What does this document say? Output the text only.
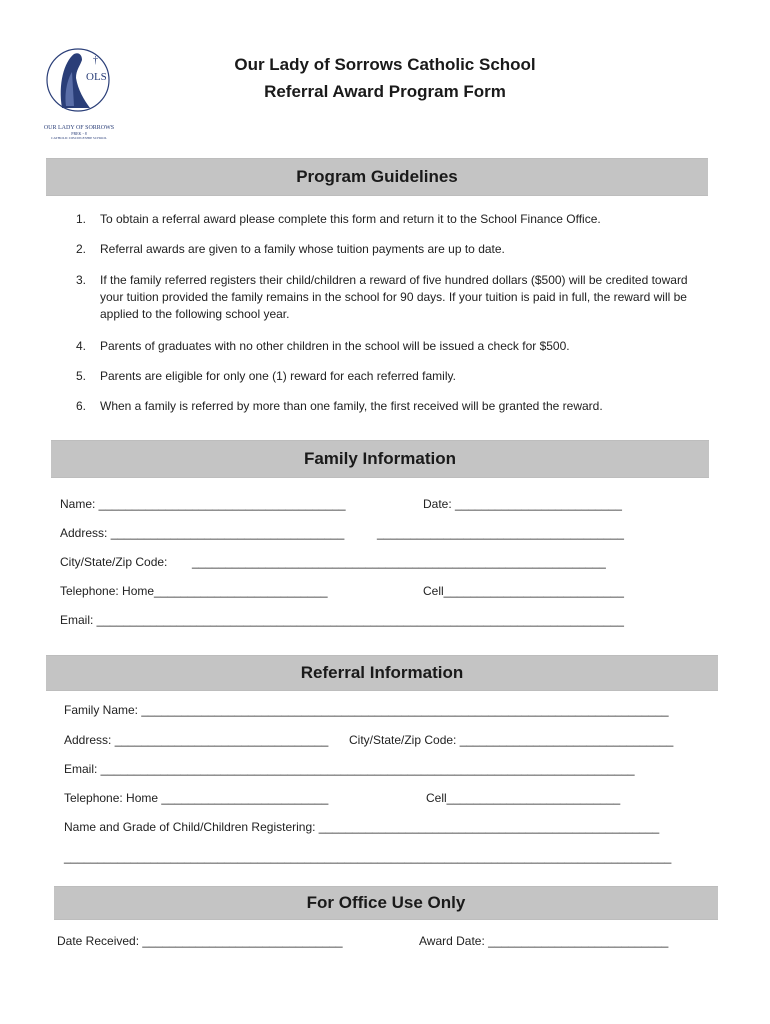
OLS
†
OUR LADY OF SORROWS
PREK - 8
CATHOLIC DISCIPLESHIP SCHOOL
Our Lady of Sorrows Catholic School
Referral Award Program Form
Program Guidelines
1.	To obtain a referral award please complete this form and return it to the School Finance Office.
2.	Referral awards are given to a family whose tuition payments are up to date.
3.	If the family referred registers their child/children a reward of five hundred dollars ($500) will be credited toward your tuition provided the family remains in the school for 90 days. If your tuition is paid in full, the reward will be applied to the following school year.
4.	Parents of graduates with no other children in the school will be issued a check for $500.
5.	Parents are eligible for only one (1) reward for each referred family.
6.	When a family is referred by more than one family, the first received will be granted the reward.
Family Information
Name: _____________________________________	Date: _________________________
Address: ___________________________________	_____________________________________
City/State/Zip Code: ______________________________________________________________
Telephone: Home__________________________	Cell___________________________
Email: _______________________________________________________________________________
Referral Information
Family Name: _______________________________________________________________________________
Address: ________________________________ City/State/Zip Code: ________________________________
Email: ________________________________________________________________________________
Telephone: Home _________________________	Cell__________________________
Name and Grade of Child/Children Registering: ___________________________________________________
___________________________________________________________________________________________
For Office Use Only
Date Received: ______________________________	Award Date: ___________________________
